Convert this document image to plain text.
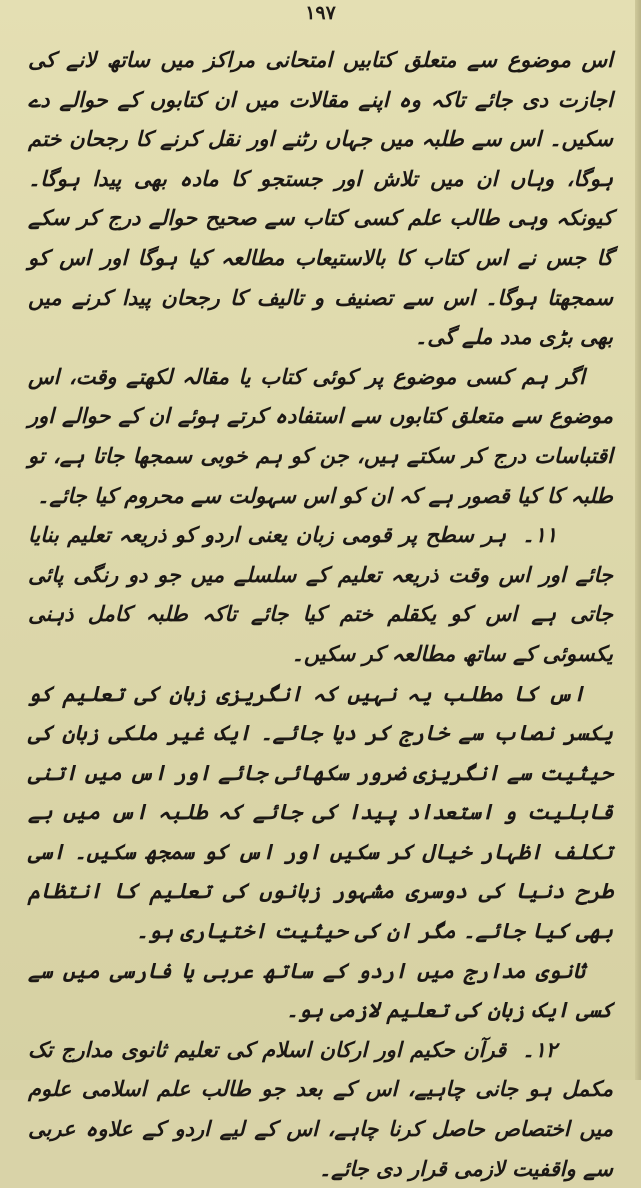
۱۹۷

اس موضوع سے متعلق کتابیں امتحانی مراکز میں ساتھ لانے کی اجازت دی جائے تاکہ وہ اپنے مقالات میں ان کتابوں کے حوالے دے سکیں۔ اس سے طلبہ میں جہاں رٹنے اور نقل کرنے کا رجحان ختم ہوگا، وہاں ان میں تلاش اور جستجو کا مادہ بھی پیدا ہوگا۔ کیونکہ وہی طالب علم کسی کتاب سے صحیح حوالے درج کر سکے گا جس نے اس کتاب کا بالاستیعاب مطالعہ کیا ہوگا اور اس کو سمجھتا ہوگا۔ اس سے تصنیف و تالیف کا رجحان پیدا کرنے میں بھی بڑی مدد ملے گی۔

اگر ہم کسی موضوع پر کوئی کتاب یا مقالہ لکھتے وقت، اس موضوع سے متعلق کتابوں سے استفادہ کرتے ہوئے ان کے حوالے اور اقتباسات درج کر سکتے ہیں، جن کو ہم خوبی سمجھا جاتا ہے، تو طلبہ کا کیا قصور ہے کہ ان کو اس سہولت سے محروم کیا جائے۔

۱۱۔ہر سطح پر قومی زبان یعنی اردو کو ذریعہ تعلیم بنایا جائے اور اس وقت ذریعہ تعلیم کے سلسلے میں جو دو رنگی پائی جاتی ہے اس کو یکقلم ختم کیا جائے تاکہ طلبہ کامل ذہنی یکسوئی کے ساتھ مطالعہ کر سکیں۔

اس کا مطلب یہ نہیں کہ انگریزی زبان کی تعلیم کو یکسر نصاب سے خارج کر دیا جائے۔ ایک غیر ملکی زبان کی حیثیت سے انگریزی ضرور سکھائی جائے اور اس میں اتنی قابلیت و استعداد پیدا کی جائے کہ طلبہ اس میں بے تکلف اظہار خیال کر سکیں اور اس کو سمجھ سکیں۔ اسی طرح دنیا کی دوسری مشہور زبانوں کی تعلیم کا انتظام بھی کیا جائے۔ مگر ان کی حیثیت اختیاری ہو۔

ثانوی مدارج میں اردو کے ساتھ عربی یا فارسی میں سے کسی ایک زبان کی تعلیم لازمی ہو۔

۱۲۔قرآن حکیم اور ارکان اسلام کی تعلیم ثانوی مدارج تک مکمل ہو جانی چاہیے، اس کے بعد جو طالب علم اسلامی علوم میں اختصاص حاصل کرنا چاہے، اس کے لیے اردو کے علاوہ عربی سے واقفیت لازمی قرار دی جائے۔
